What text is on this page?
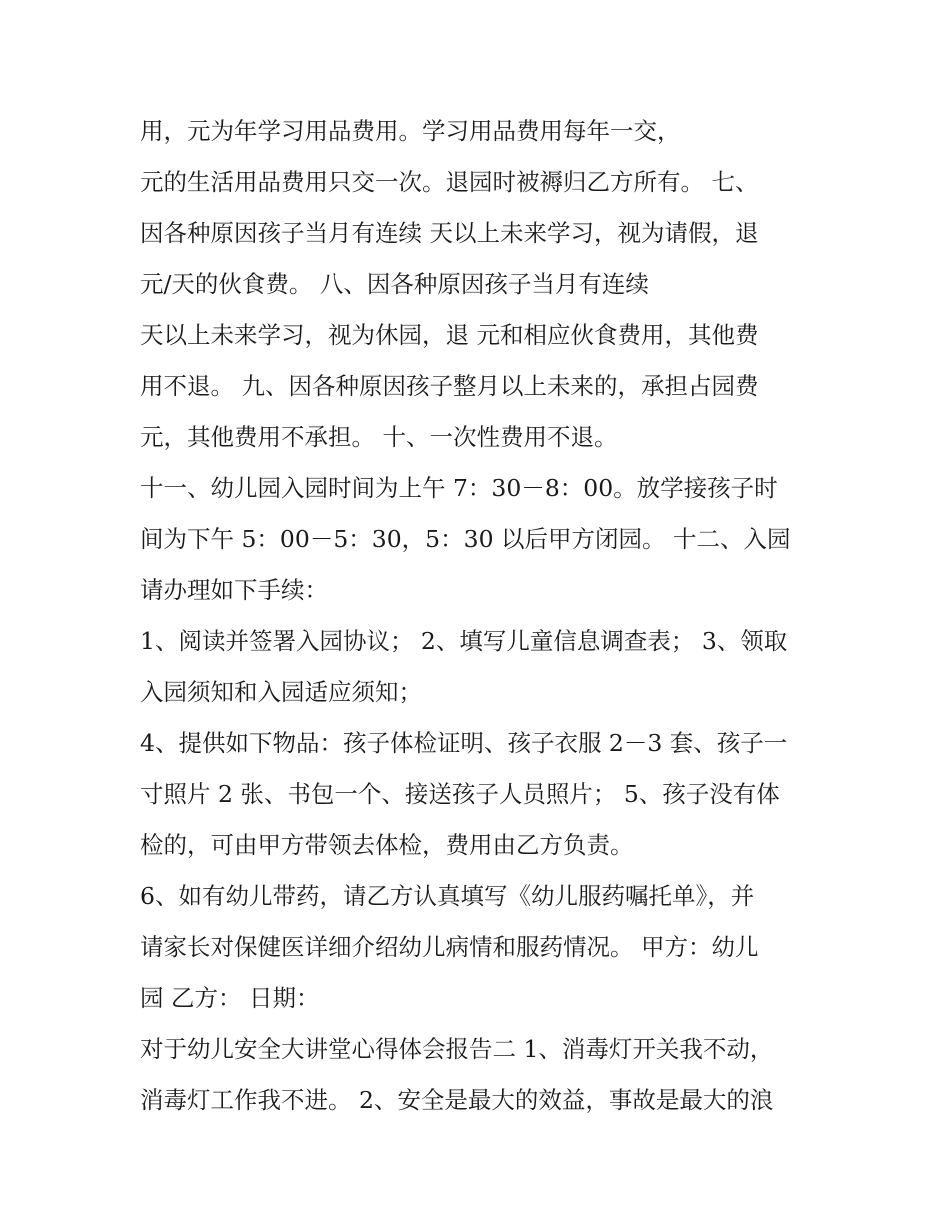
用，元为年学习用品费用。学习用品费用每年一交，
元的生活用品费用只交一次。退园时被褥归乙方所有。 七、
因各种原因孩子当月有连续 天以上未来学习，视为请假，退
元/天的伙食费。 八、因各种原因孩子当月有连续
天以上未来学习，视为休园，退 元和相应伙食费用，其他费
用不退。 九、因各种原因孩子整月以上未来的，承担占园费
元，其他费用不承担。 十、一次性费用不退。
十一、幼儿园入园时间为上午 7：30－8：00。放学接孩子时
间为下午 5：00－5：30，5：30 以后甲方闭园。 十二、入园
请办理如下手续：
1、阅读并签署入园协议； 2、填写儿童信息调查表； 3、领取
入园须知和入园适应须知；
4、提供如下物品：孩子体检证明、孩子衣服 2－3 套、孩子一
寸照片 2 张、书包一个、接送孩子人员照片； 5、孩子没有体
检的，可由甲方带领去体检，费用由乙方负责。
6、如有幼儿带药，请乙方认真填写《幼儿服药嘱托单》，并
请家长对保健医详细介绍幼儿病情和服药情况。 甲方：幼儿
园 乙方： 日期：
对于幼儿安全大讲堂心得体会报告二 1、消毒灯开关我不动，
消毒灯工作我不进。 2、安全是最大的效益，事故是最大的浪
